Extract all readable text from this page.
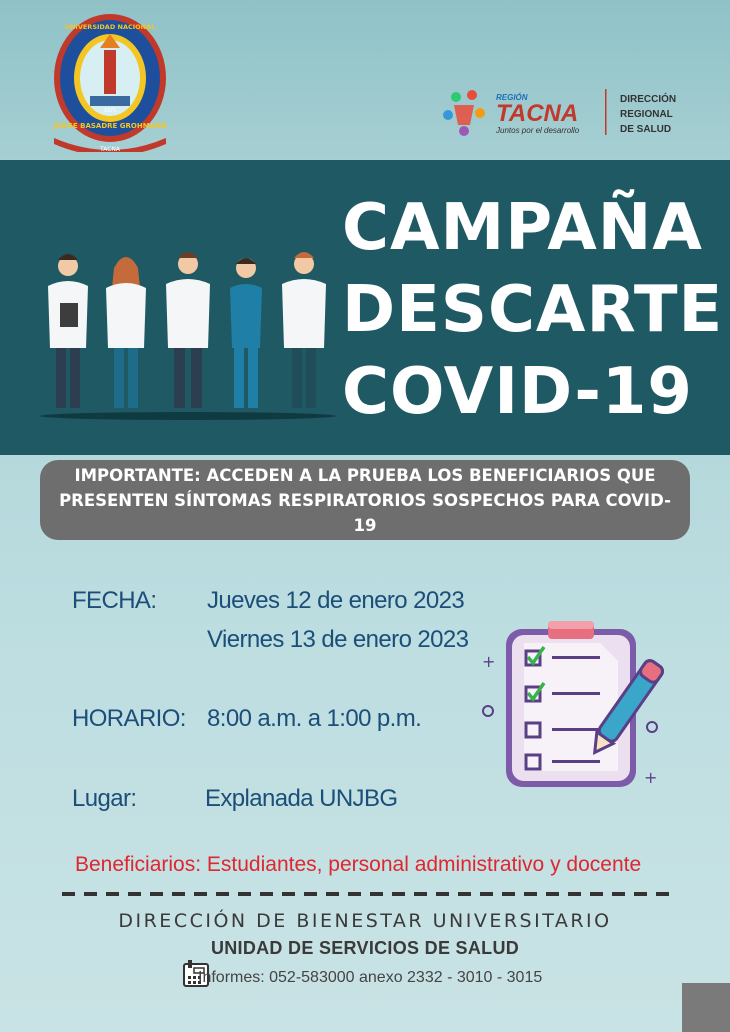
UNIVERSIDAD NACIONAL
JORGE BASADRE GROHMANN
TACNA
1971
REGIÓN
TACNA
Juntos por el desarrollo
DIRECCIÓN
REGIONAL
DE SALUD
CAMPAÑA
DESCARTE
COVID-19
IMPORTANTE: ACCEDEN A LA PRUEBA LOS BENEFICIARIOS QUE
PRESENTEN SÍNTOMAS RESPIRATORIOS SOSPECHOS PARA COVID-19
FECHA: Jueves 12 de enero 2023
Viernes 13 de enero 2023
HORARIO: 8:00 a.m. a 1:00 p.m.
Lugar:	Explanada UNJBG
+
+
Beneficiarios: Estudiantes, personal administrativo y docente
DIRECCIÓN DE BIENESTAR UNIVERSITARIO
UNIDAD DE SERVICIOS DE SALUD
Informes: 052-583000 anexo 2332 - 3010 - 3015
